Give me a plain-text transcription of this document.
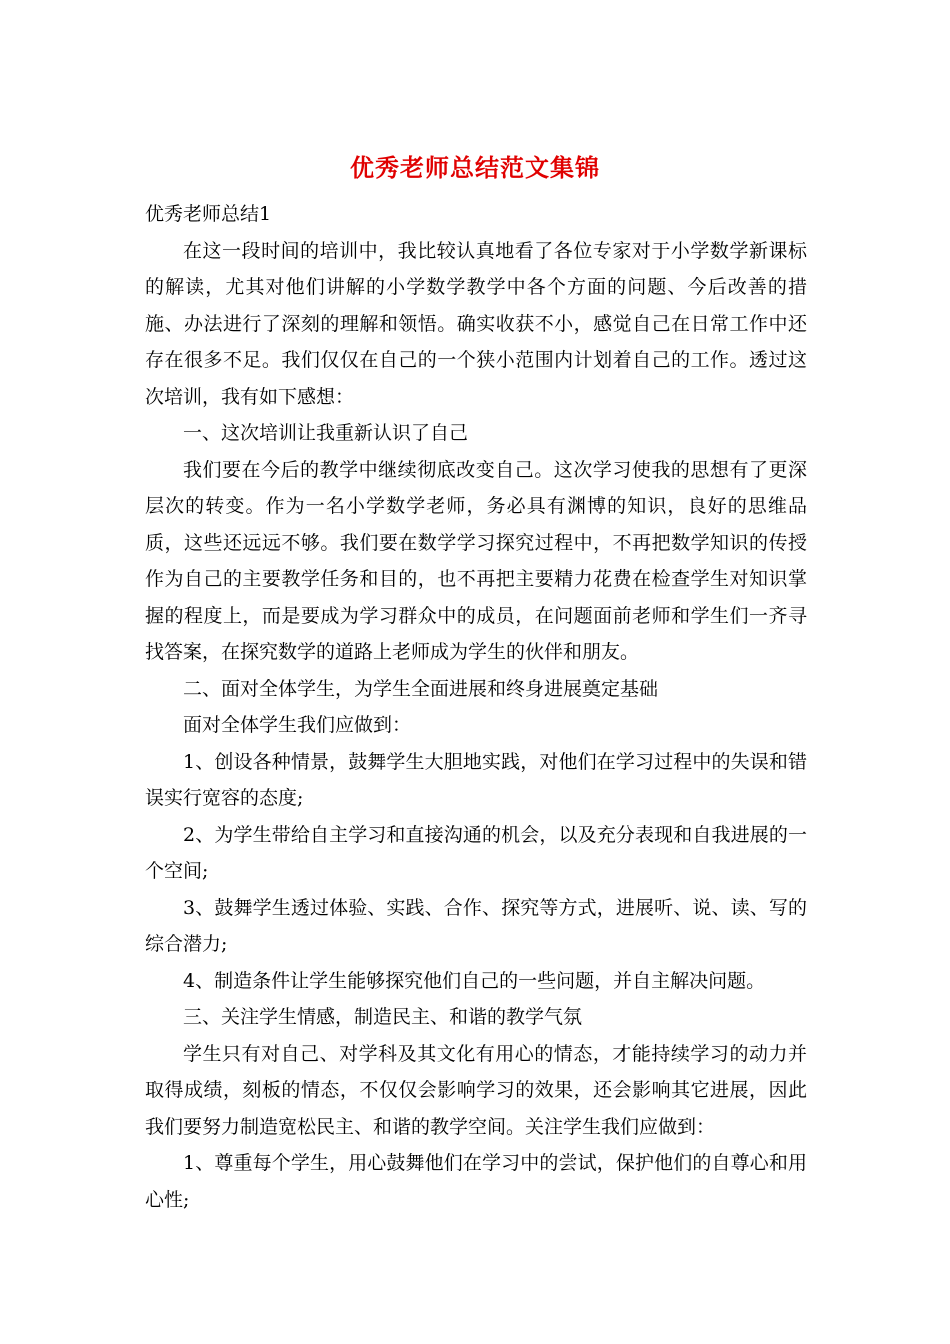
优秀老师总结范文集锦

优秀老师总结1

在这一段时间的培训中，我比较认真地看了各位专家对于小学数学新课标的解读，尤其对他们讲解的小学数学教学中各个方面的问题、今后改善的措施、办法进行了深刻的理解和领悟。确实收获不小，感觉自己在日常工作中还存在很多不足。我们仅仅在自己的一个狭小范围内计划着自己的工作。透过这次培训，我有如下感想：

一、这次培训让我重新认识了自己

我们要在今后的教学中继续彻底改变自己。这次学习使我的思想有了更深层次的转变。作为一名小学数学老师，务必具有渊博的知识，良好的思维品质，这些还远远不够。我们要在数学学习探究过程中，不再把数学知识的传授作为自己的主要教学任务和目的，也不再把主要精力花费在检查学生对知识掌握的程度上，而是要成为学习群众中的成员，在问题面前老师和学生们一齐寻找答案，在探究数学的道路上老师成为学生的伙伴和朋友。

二、面对全体学生，为学生全面进展和终身进展奠定基础

面对全体学生我们应做到：

1、创设各种情景，鼓舞学生大胆地实践，对他们在学习过程中的失误和错误实行宽容的态度;

2、为学生带给自主学习和直接沟通的机会，以及充分表现和自我进展的一个空间;

3、鼓舞学生透过体验、实践、合作、探究等方式，进展听、说、读、写的综合潜力;

4、制造条件让学生能够探究他们自己的一些问题，并自主解决问题。

三、关注学生情感，制造民主、和谐的教学气氛

学生只有对自己、对学科及其文化有用心的情态，才能持续学习的动力并取得成绩，刻板的情态，不仅仅会影响学习的效果，还会影响其它进展，因此我们要努力制造宽松民主、和谐的教学空间。关注学生我们应做到：

1、尊重每个学生，用心鼓舞他们在学习中的尝试，保护他们的自尊心和用心性;
